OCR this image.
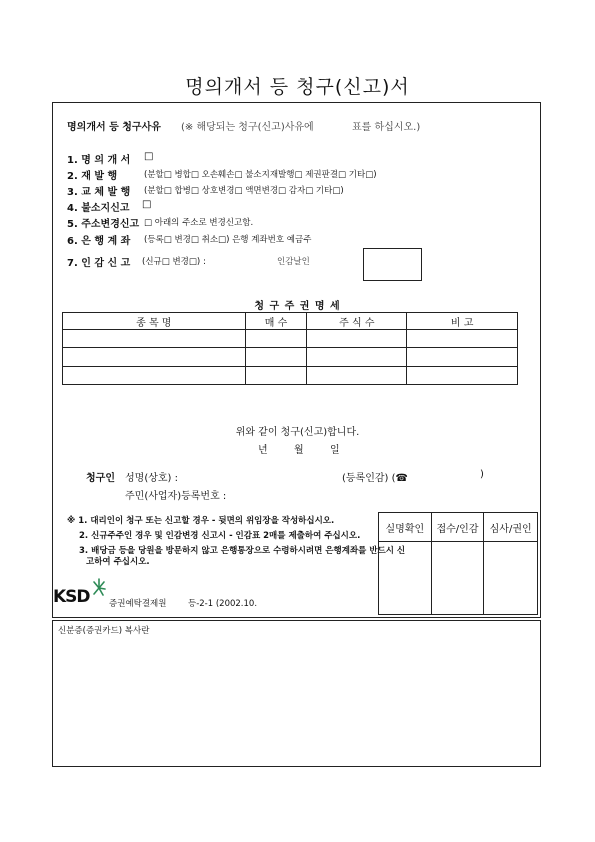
명의개서 등 청구(신고)서
명의개서 등 청구사유 (※ 해당되는 청구(신고)사유에	표를 하십시오.)
1. 명 의 개 서 □
2. 재 발 행	(분할□ 병합□ 오손훼손□ 불소지재발행□ 제권판결□ 기타□)
3. 교 체 발 행 (분할□ 합병□ 상호변경□ 액면변경□ 감자□ 기타□)
4. 불소지신고 □
5. 주소변경신고 □ 아래의 주소로 변경신고함.
6. 은 행 계 좌 (등록□ 변경□ 취소□) 은행 계좌번호 예금주
7. 인 감 신 고 (신규□ 변경□) :	인감날인
청 구 주 권 명 세
종 목 명	매 수	주 식 수	비 고

위와 같이 청구(신고)합니다.
년	월	일
청구인 성명(상호) :	(등록인감) (☎	)
주민(사업자)등록번호 :
※ 1. 대리인이 청구 또는 신고할 경우 - 뒷면의 위임장을 작성하십시오.
2. 신규주주인 경우 및 인감변경 신고시 - 인감표 2매를 제출하여 주십시오.
3. 배당금 등을 당원을 방문하지 않고 은행통장으로 수령하시려면 은행계좌를 반드시 신
고하여 주십시오.
실명확인	접수/인감	심사/권인

KSD 증권예탁결제원	등-2-1 (2002.10.
신분증(증권카드) 복사란
